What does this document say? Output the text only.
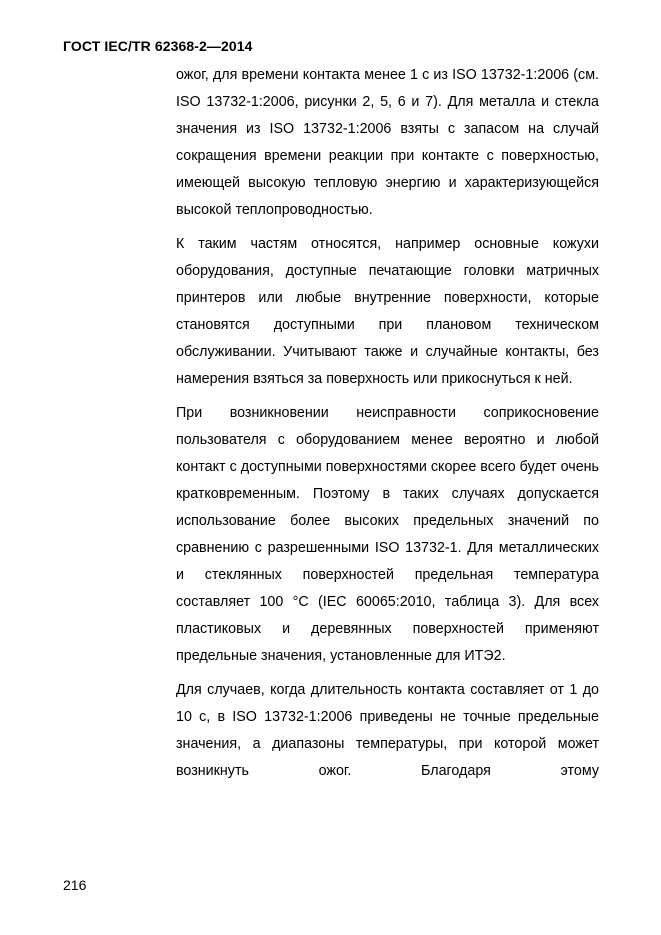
ГОСТ IEC/TR 62368-2—2014

ожог, для времени контакта менее 1 с из ISO 13732-1:2006 (см. ISO 13732-1:2006, рисунки 2, 5, 6 и 7). Для металла и стекла значения из ISO 13732-1:2006 взяты с запасом на случай сокращения времени реакции при контакте с поверхностью, имеющей высокую тепловую энергию и характеризующейся высокой теплопроводностью.

К таким частям относятся, например основные кожухи оборудования, доступные печатающие головки матричных принтеров или любые внутренние поверхности, которые становятся доступными при плановом техническом обслуживании. Учитывают также и случайные контакты, без намерения взяться за поверхность или прикоснуться к ней.

При возникновении неисправности соприкосновение пользователя с оборудованием менее вероятно и любой контакт с доступными поверхностями скорее всего будет очень кратковременным. Поэтому в таких случаях допускается использование более высоких предельных значений по сравнению с разрешенными ISO 13732-1. Для металлических и стеклянных поверхностей предельная температура составляет 100 °C (IEC 60065:2010, таблица 3). Для всех пластиковых и деревянных поверхностей применяют предельные значения, установленные для ИТЭ2.

Для случаев, когда длительность контакта составляет от 1 до 10 с, в ISO 13732-1:2006 приведены не точные предельные значения, а диапазоны температуры, при которой может возникнуть ожог. Благодаря этому

216
